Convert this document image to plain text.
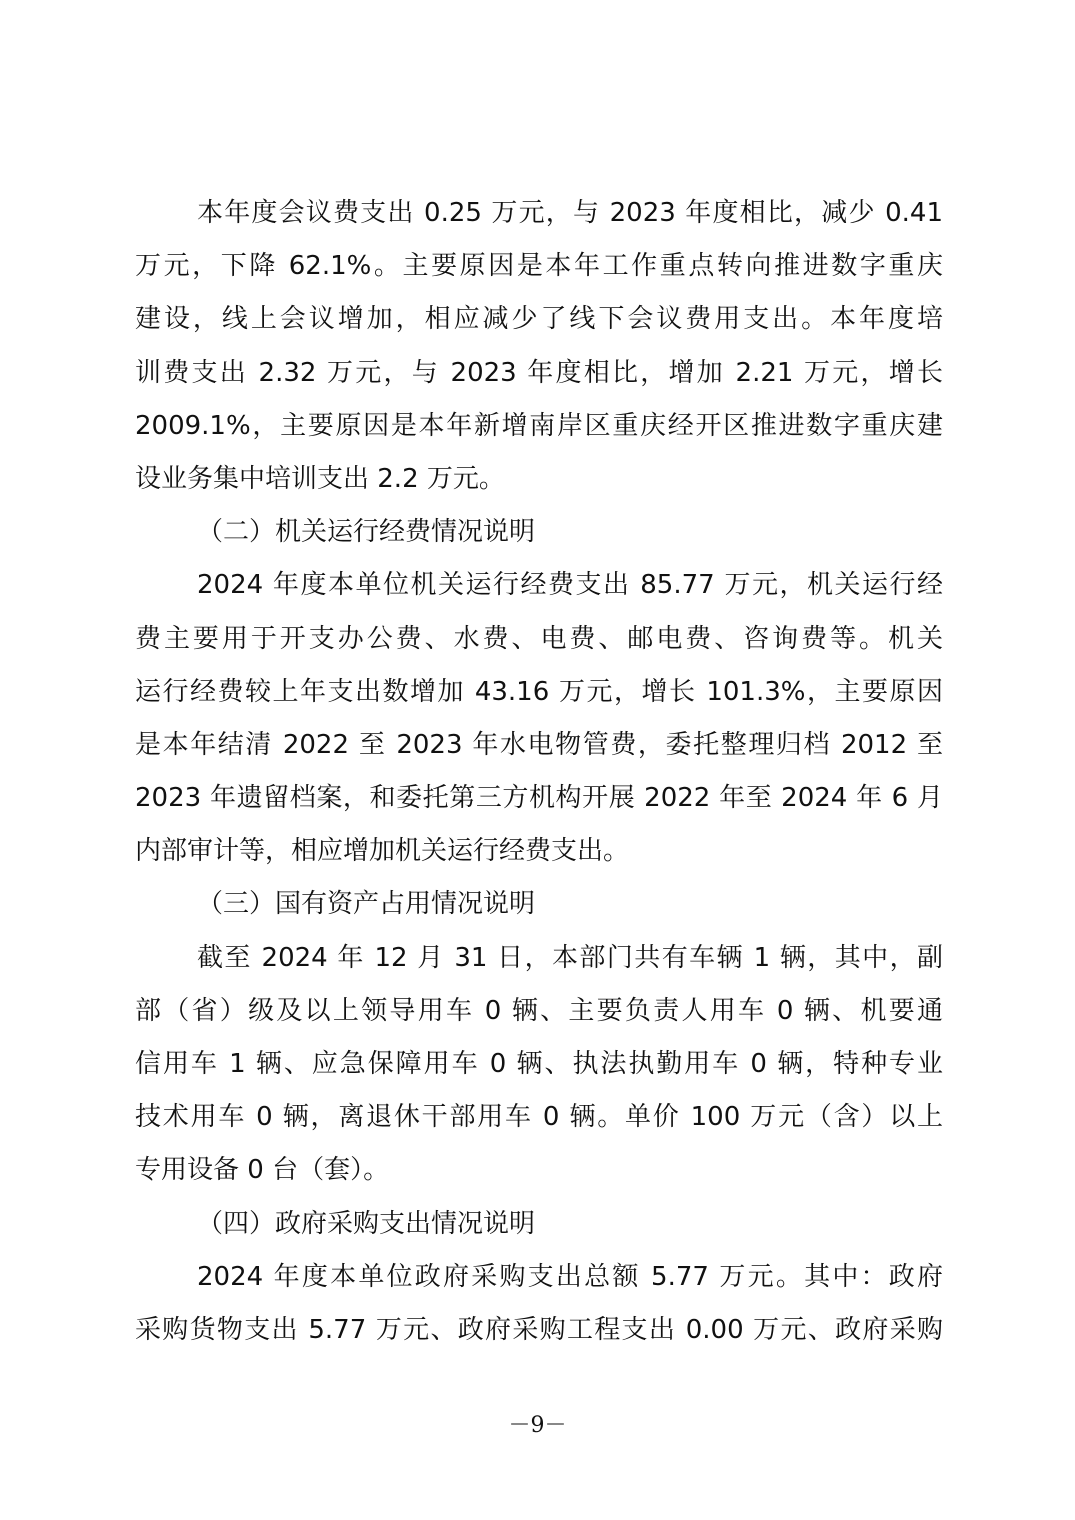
本年度会议费支出 0.25 万元，与 2023 年度相比，减少 0.41
万元，下降 62.1%。主要原因是本年工作重点转向推进数字重庆
建设，线上会议增加，相应减少了线下会议费用支出。本年度培
训费支出 2.32 万元，与 2023 年度相比，增加 2.21 万元，增长
2009.1%，主要原因是本年新增南岸区重庆经开区推进数字重庆建
设业务集中培训支出 2.2 万元。
（二）机关运行经费情况说明
2024 年度本单位机关运行经费支出 85.77 万元，机关运行经
费主要用于开支办公费、水费、电费、邮电费、咨询费等。机关
运行经费较上年支出数增加 43.16 万元，增长 101.3%，主要原因
是本年结清 2022 至 2023 年水电物管费，委托整理归档 2012 至
2023 年遗留档案，和委托第三方机构开展 2022 年至 2024 年 6 月
内部审计等，相应增加机关运行经费支出。
（三）国有资产占用情况说明
截至 2024 年 12 月 31 日，本部门共有车辆 1 辆，其中，副
部（省）级及以上领导用车 0 辆、主要负责人用车 0 辆、机要通
信用车 1 辆、应急保障用车 0 辆、执法执勤用车 0 辆，特种专业
技术用车 0 辆，离退休干部用车 0 辆。单价 100 万元（含）以上
专用设备 0 台（套）。
（四）政府采购支出情况说明
2024 年度本单位政府采购支出总额 5.77 万元。其中：政府
采购货物支出 5.77 万元、政府采购工程支出 0.00 万元、政府采购
－9－
